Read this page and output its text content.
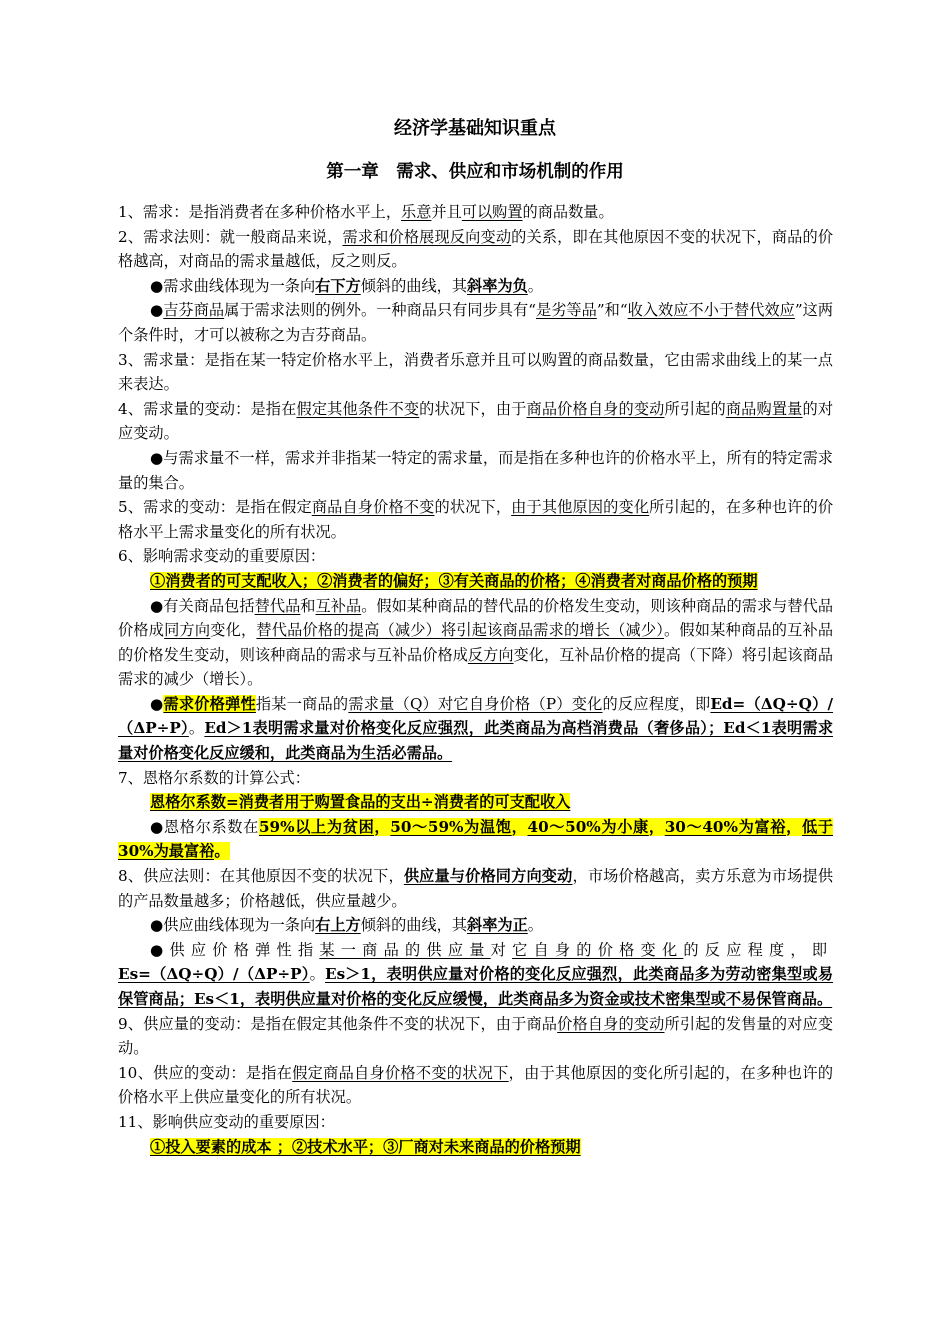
经济学基础知识重点
第一章　需求、供应和市场机制的作用

1、需求：是指消费者在多种价格水平上，乐意并且可以购置的商品数量。

2、需求法则：就一般商品来说，需求和价格展现反向变动的关系，即在其他原因不变的状况下，商品的价格越高，对商品的需求量越低，反之则反。

●需求曲线体现为一条向右下方倾斜的曲线，其斜率为负。

●吉芬商品属于需求法则的例外。一种商品只有同步具有“是劣等品”和“收入效应不小于替代效应”这两个条件时，才可以被称之为吉芬商品。

3、需求量：是指在某一特定价格水平上，消费者乐意并且可以购置的商品数量，它由需求曲线上的某一点来表达。

4、需求量的变动：是指在假定其他条件不变的状况下，由于商品价格自身的变动所引起的商品购置量的对应变动。

●与需求量不一样，需求并非指某一特定的需求量，而是指在多种也许的价格水平上，所有的特定需求量的集合。

5、需求的变动：是指在假定商品自身价格不变的状况下，由于其他原因的变化所引起的，在多种也许的价格水平上需求量变化的所有状况。

6、影响需求变动的重要原因：

①消费者的可支配收入；②消费者的偏好；③有关商品的价格；④消费者对商品价格的预期

●有关商品包括替代品和互补品。假如某种商品的替代品的价格发生变动，则该种商品的需求与替代品价格成同方向变化，替代品价格的提高（减少）将引起该商品需求的增长（减少）。假如某种商品的互补品的价格发生变动，则该种商品的需求与互补品价格成反方向变化，互补品价格的提高（下降）将引起该商品需求的减少（增长）。

●需求价格弹性指某一商品的需求量（Q）对它自身价格（P）变化的反应程度，即Ed=（ΔQ÷Q）/（ΔP÷P）。Ed＞1表明需求量对价格变化反应强烈，此类商品为高档消费品（奢侈品）；Ed＜1表明需求量对价格变化反应缓和，此类商品为生活必需品。

7、恩格尔系数的计算公式：

恩格尔系数=消费者用于购置食品的支出÷消费者的可支配收入

●恩格尔系数在59%以上为贫困，50～59%为温饱，40～50%为小康，30～40%为富裕，低于30%为最富裕。

8、供应法则：在其他原因不变的状况下，供应量与价格同方向变动，市场价格越高，卖方乐意为市场提供的产品数量越多；价格越低，供应量越少。

●供应曲线体现为一条向右上方倾斜的曲线，其斜率为正。

●供应价格弹性指某一商品的供应量对它自身的价格变化的反应程度，即Es=（ΔQ÷Q）/（ΔP÷P）。Es＞1，表明供应量对价格的变化反应强烈，此类商品多为劳动密集型或易保管商品；Es＜1，表明供应量对价格的变化反应缓慢，此类商品多为资金或技术密集型或不易保管商品。

9、供应量的变动：是指在假定其他条件不变的状况下，由于商品价格自身的变动所引起的发售量的对应变动。

10、供应的变动：是指在假定商品自身价格不变的状况下，由于其他原因的变化所引起的，在多种也许的价格水平上供应量变化的所有状况。

11、影响供应变动的重要原因：

①投入要素的成本 ；②技术水平；③厂商对未来商品的价格预期
